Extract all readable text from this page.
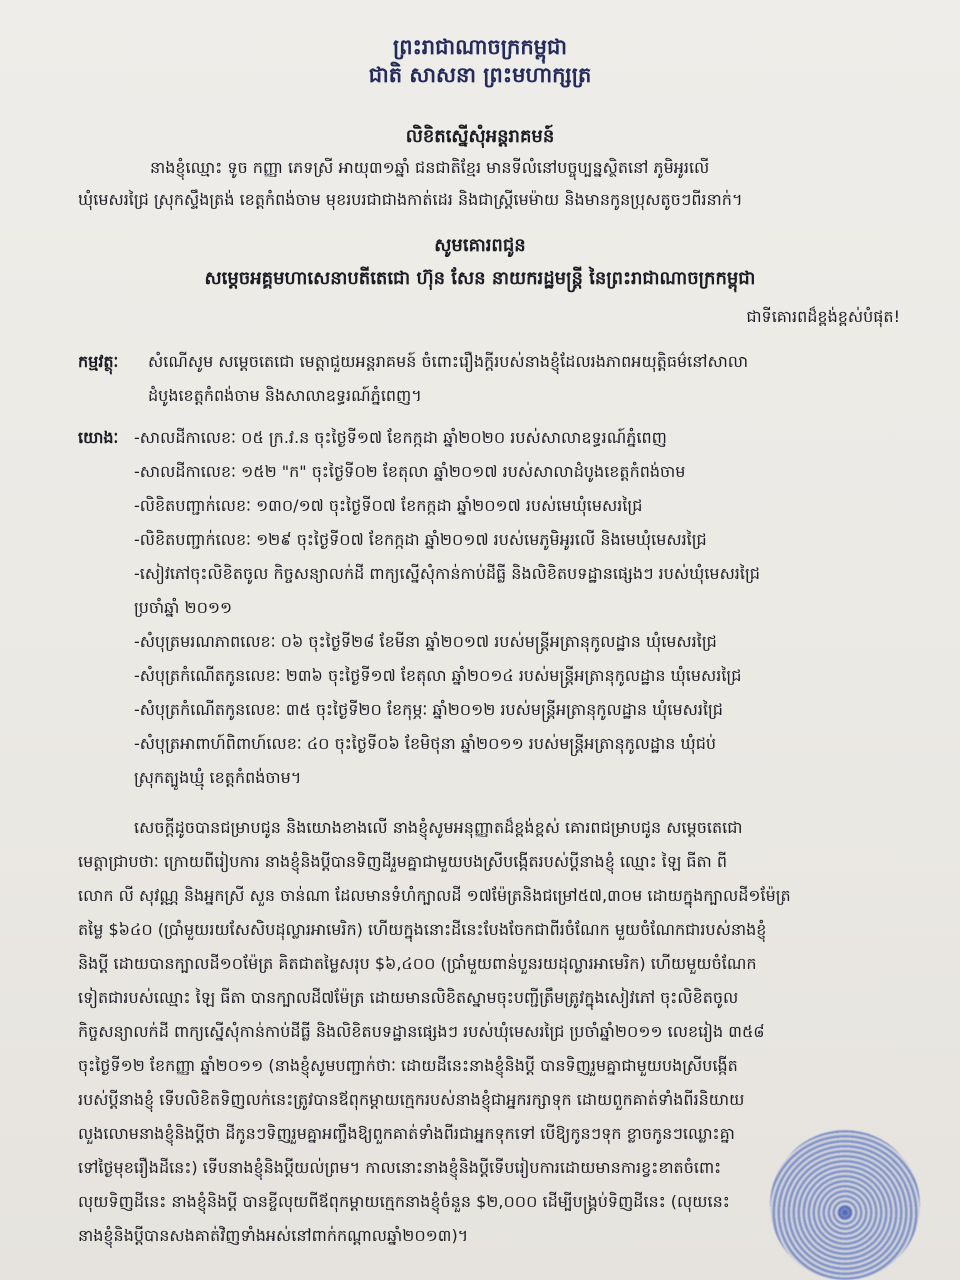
ព្រះរាជាណាចក្រកម្ពុជា
ជាតិ សាសនា ព្រះមហាក្សត្រ
លិខិតស្នើសុំអន្តរាគមន៍
នាងខ្ញុំឈ្មោះ ទូច កញ្ញា ភេទស្រី អាយុ៣១ឆ្នាំ ជនជាតិខ្មែរ មានទីលំនៅបច្ចុប្បន្នស្ថិតនៅ ភូមិអូរលើ
ឃុំមេសរជ្រៃ ស្រុកស្ទឹងត្រង់ ខេត្តកំពង់ចាម មុខរបរជាជាងកាត់ដេរ និងជាស្ត្រីមេម៉ាយ និងមានកូនប្រុសតូចៗពីរនាក់។
សូមគោរពជូន
សម្ដេចអគ្គមហាសេនាបតីតេជោ ហ៊ុន សែន នាយករដ្ឋមន្ត្រី នៃព្រះរាជាណាចក្រកម្ពុជា
ជាទីគោរពដ៏ខ្ពង់ខ្ពស់បំផុត!
កម្មវត្ថុៈ សំណើសូម សម្តេចតេជោ មេត្តាជួយអន្តរាគមន៍ ចំពោះរឿងក្តីរបស់នាងខ្ញុំដែលរងភាពអយុត្តិធម៌នៅសាលា
ដំបូងខេត្តកំពង់ចាម និងសាលាឧទ្ធរណ៍ភ្នំពេញ។
យោងៈ -សាលដីកាលេខៈ ០៥ ក្រ.វ.ន ចុះថ្ងៃទី១៧ ខែកក្កដា ឆ្នាំ២០២០ របស់សាលាឧទ្ធរណ៍ភ្នំពេញ
-សាលដីកាលេខៈ ១៥២ "ក" ចុះថ្ងៃទី០២ ខែតុលា ឆ្នាំ២០១៧ របស់សាលាដំបូងខេត្តកំពង់ចាម
-លិខិតបញ្ជាក់លេខៈ ១៣០/១៧ ចុះថ្ងៃទី០៧ ខែកក្កដា ឆ្នាំ២០១៧ របស់មេឃុំមេសរជ្រៃ
-លិខិតបញ្ជាក់លេខៈ ១២៩ ចុះថ្ងៃទី០៧ ខែកក្កដា ឆ្នាំ២០១៧ របស់មេភូមិអូរលើ និងមេឃុំមេសរជ្រៃ
-សៀវភៅចុះលិខិតចូល កិច្ចសន្យាលក់ដី ពាក្យស្នើសុំកាន់កាប់ដីធ្លី និងលិខិតបទដ្ឋានផ្សេងៗ របស់ឃុំមេសរជ្រៃ
ប្រចាំឆ្នាំ ២០១១
-សំបុត្រមរណភាពលេខៈ ០៦ ចុះថ្ងៃទី២៨ ខែមីនា ឆ្នាំ២០១៧ របស់មន្ត្រីអត្រានុកូលដ្ឋាន ឃុំមេសរជ្រៃ
-សំបុត្រកំណើតកូនលេខៈ ២៣៦ ចុះថ្ងៃទី១៧ ខែតុលា ឆ្នាំ២០១៤ របស់មន្ត្រីអត្រានុកូលដ្ឋាន ឃុំមេសរជ្រៃ
-សំបុត្រកំណើតកូនលេខៈ ៣៥ ចុះថ្ងៃទី២០ ខែកុម្ភៈ ឆ្នាំ២០១២ របស់មន្ត្រីអត្រានុកូលដ្ឋាន ឃុំមេសរជ្រៃ
-សំបុត្រអាពាហ៍ពិពាហ៍លេខៈ ៤០ ចុះថ្ងៃទី០៦ ខែមិថុនា ឆ្នាំ២០១១ របស់មន្ត្រីអត្រានុកូលដ្ឋាន ឃុំជប់
ស្រុកត្បូងឃ្មុំ ខេត្តកំពង់ចាម។
សេចក្តីដូចបានជម្រាបជូន និងយោងខាងលើ នាងខ្ញុំសូមអនុញ្ញាតដ៏ខ្ពង់ខ្ពស់ គោរពជម្រាបជូន សម្តេចតេជោ
មេត្តាជ្រាបថាៈ ក្រោយពីរៀបការ នាងខ្ញុំនិងប្តីបានទិញដីរួមគ្នាជាមួយបងស្រីបង្កើតរបស់ប្តីនាងខ្ញុំ ឈ្មោះ ឡៃ ធីតា ពី
លោក លី សុវណ្ណ និងអ្នកស្រី សួន ចាន់ណា ដែលមានទំហំក្បាលដី ១៧ម៉ែត្រនិងជម្រៅ៥៧,៣០ម ដោយក្នុងក្បាលដី១ម៉ែត្រ
តម្លៃ $៦៤០ (ប្រាំមួយរយសែសិបដុល្លារអាមេរិក) ហើយក្នុងនោះដីនេះបែងចែកជាពីរចំណែក មួយចំណែកជារបស់នាងខ្ញុំ
និងប្តី ដោយបានក្បាលដី១០ម៉ែត្រ គិតជាតម្លៃសរុប $៦,៤០០ (ប្រាំមួយពាន់បួនរយដុល្លារអាមេរិក) ហើយមួយចំណែក
ទៀតជារបស់ឈ្មោះ ឡៃ ធីតា បានក្បាលដី៧ម៉ែត្រ ដោយមានលិខិតស្នាមចុះបញ្ជីត្រឹមត្រូវក្នុងសៀវភៅ ចុះលិខិតចូល
កិច្ចសន្យាលក់ដី ពាក្យស្នើសុំកាន់កាប់ដីធ្លី និងលិខិតបទដ្ឋានផ្សេងៗ របស់ឃុំមេសរជ្រៃ ប្រចាំឆ្នាំ២០១១ លេខរៀង ៣៥៨
ចុះថ្ងៃទី១២ ខែកញ្ញា ឆ្នាំ២០១១ (នាងខ្ញុំសូមបញ្ជាក់ថាៈ ដោយដីនេះនាងខ្ញុំនិងប្តី បានទិញរួមគ្នាជាមួយបងស្រីបង្កើត
របស់ប្តីនាងខ្ញុំ ទើបលិខិតទិញលក់នេះត្រូវបានឪពុកម្តាយក្មេករបស់នាងខ្ញុំជាអ្នករក្សាទុក ដោយពួកគាត់ទាំងពីរនិយាយ
លួងលោមនាងខ្ញុំនិងប្តីថា ដីកូនៗទិញរួមគ្នាអញ្ចឹងឱ្យពួកគាត់ទាំងពីរជាអ្នកទុកទៅ បើឱ្យកូនៗទុក ខ្លាចកូនៗឈ្លោះគ្នា
ទៅថ្ងៃមុខរឿងដីនេះ) ទើបនាងខ្ញុំនិងប្តីយល់ព្រម។ កាលនោះនាងខ្ញុំនិងប្តីទើបរៀបការដោយមានការខ្វះខាតចំពោះ
លុយទិញដីនេះ នាងខ្ញុំនិងប្តី បានខ្ចីលុយពីឪពុកម្តាយក្មេកនាងខ្ញុំចំនួន $២,០០០ ដើម្បីបង្គ្រប់ទិញដីនេះ (លុយនេះ
នាងខ្ញុំនិងប្តីបានសងគាត់វិញទាំងអស់នៅពាក់កណ្តាលឆ្នាំ២០១៣)។
